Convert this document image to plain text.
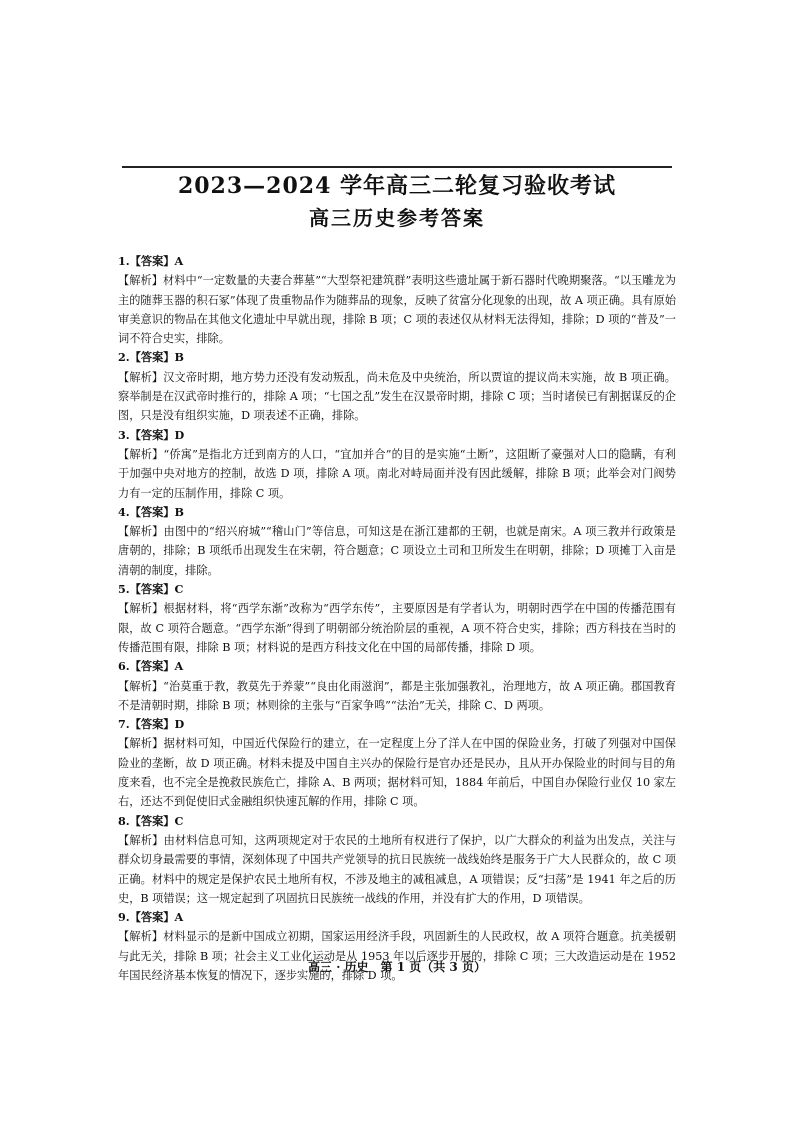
2023—2024 学年高三二轮复习验收考试
高三历史参考答案
1.【答案】A
【解析】材料中“一定数量的夫妻合葬墓”“大型祭祀建筑群”表明这些遗址属于新石器时代晚期聚落。“以玉雕龙为主的随葬玉器的积石冢”体现了贵重物品作为随葬品的现象，反映了贫富分化现象的出现，故 A 项正确。具有原始审美意识的物品在其他文化遗址中早就出现，排除 B 项；C 项的表述仅从材料无法得知，排除；D 项的“普及”一词不符合史实，排除。
2.【答案】B
【解析】汉文帝时期，地方势力还没有发动叛乱，尚未危及中央统治，所以贾谊的提议尚未实施，故 B 项正确。察举制是在汉武帝时推行的，排除 A 项；“七国之乱”发生在汉景帝时期，排除 C 项；当时诸侯已有割据谋反的企图，只是没有组织实施，D 项表述不正确，排除。
3.【答案】D
【解析】“侨寓”是指北方迁到南方的人口，“宜加并合”的目的是实施“土断”，这阻断了豪强对人口的隐瞒，有利于加强中央对地方的控制，故选 D 项，排除 A 项。南北对峙局面并没有因此缓解，排除 B 项；此举会对门阀势力有一定的压制作用，排除 C 项。
4.【答案】B
【解析】由图中的“绍兴府城”“稽山门”等信息，可知这是在浙江建都的王朝，也就是南宋。A 项三教并行政策是唐朝的，排除；B 项纸币出现发生在宋朝，符合题意；C 项设立土司和卫所发生在明朝，排除；D 项摊丁入亩是清朝的制度，排除。
5.【答案】C
【解析】根据材料，将“西学东渐”改称为“西学东传”，主要原因是有学者认为，明朝时西学在中国的传播范围有限，故 C 项符合题意。“西学东渐”得到了明朝部分统治阶层的重视，A 项不符合史实，排除；西方科技在当时的传播范围有限，排除 B 项；材料说的是西方科技文化在中国的局部传播，排除 D 项。
6.【答案】A
【解析】“治莫重于教，教莫先于养蒙”“良由化雨滋润”，都是主张加强教礼，治理地方，故 A 项正确。郡国教育不是清朝时期，排除 B 项；林则徐的主张与“百家争鸣”“法治”无关，排除 C、D 两项。
7.【答案】D
【解析】据材料可知，中国近代保险行的建立，在一定程度上分了洋人在中国的保险业务，打破了列强对中国保险业的垄断，故 D 项正确。材料未提及中国自主兴办的保险行是官办还是民办，且从开办保险业的时间与目的角度来看，也不完全是挽救民族危亡，排除 A、B 两项；据材料可知，1884 年前后，中国自办保险行业仅 10 家左右，还达不到促使旧式金融组织快速瓦解的作用，排除 C 项。
8.【答案】C
【解析】由材料信息可知，这两项规定对于农民的土地所有权进行了保护，以广大群众的利益为出发点，关注与群众切身最需要的事情，深刻体现了中国共产党领导的抗日民族统一战线始终是服务于广大人民群众的，故 C 项正确。材料中的规定是保护农民土地所有权，不涉及地主的减租减息，A 项错误；反“扫荡”是 1941 年之后的历史，B 项错误；这一规定起到了巩固抗日民族统一战线的作用，并没有扩大的作用，D 项错误。
9.【答案】A
【解析】材料显示的是新中国成立初期，国家运用经济手段，巩固新生的人民政权，故 A 项符合题意。抗美援朝与此无关，排除 B 项；社会主义工业化运动是从 1953 年以后逐步开展的，排除 C 项；三大改造运动是在 1952 年国民经济基本恢复的情况下，逐步实施的，排除 D 项。
高三 · 历史　第 1 页（共 3 页）
